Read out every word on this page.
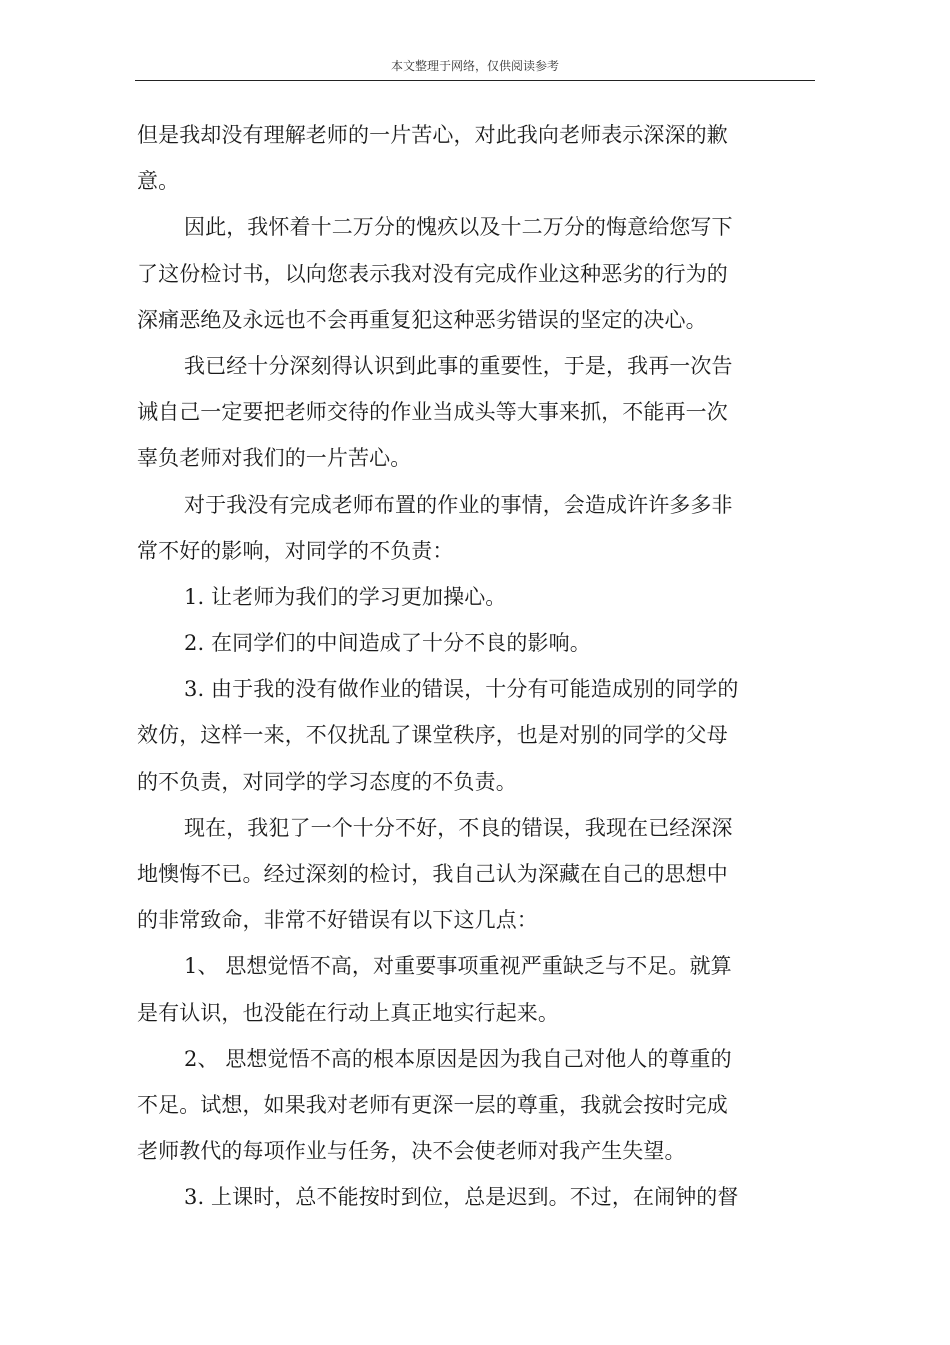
本文整理于网络，仅供阅读参考
但是我却没有理解老师的一片苦心，对此我向老师表示深深的歉
意。
因此，我怀着十二万分的愧疚以及十二万分的悔意给您写下
了这份检讨书，以向您表示我对没有完成作业这种恶劣的行为的
深痛恶绝及永远也不会再重复犯这种恶劣错误的坚定的决心。
我已经十分深刻得认识到此事的重要性，于是，我再一次告
诫自己一定要把老师交待的作业当成头等大事来抓，不能再一次
辜负老师对我们的一片苦心。
对于我没有完成老师布置的作业的事情，会造成许许多多非
常不好的影响，对同学的不负责：
1. 让老师为我们的学习更加操心。
2. 在同学们的中间造成了十分不良的影响。
3. 由于我的没有做作业的错误，十分有可能造成别的同学的
效仿，这样一来，不仅扰乱了课堂秩序，也是对别的同学的父母
的不负责，对同学的学习态度的不负责。
现在，我犯了一个十分不好，不良的错误，我现在已经深深
地懊悔不已。经过深刻的检讨，我自己认为深藏在自己的思想中
的非常致命，非常不好错误有以下这几点：
1、 思想觉悟不高，对重要事项重视严重缺乏与不足。就算
是有认识，也没能在行动上真正地实行起来。
2、 思想觉悟不高的根本原因是因为我自己对他人的尊重的
不足。试想，如果我对老师有更深一层的尊重，我就会按时完成
老师教代的每项作业与任务，决不会使老师对我产生失望。
3. 上课时，总不能按时到位，总是迟到。不过，在闹钟的督
